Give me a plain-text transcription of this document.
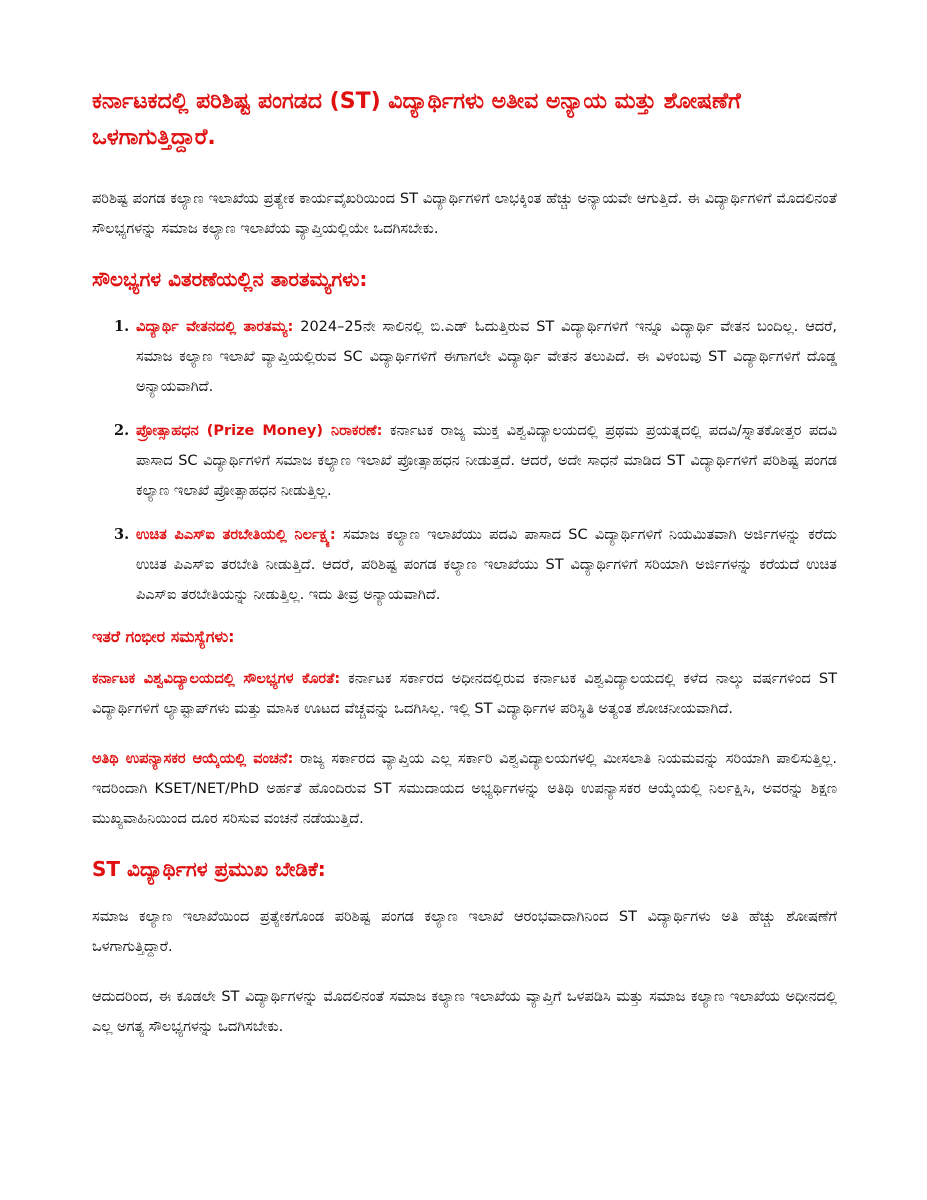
ಕರ್ನಾಟಕದಲ್ಲಿ ಪರಿಶಿಷ್ಟ ಪಂಗಡದ (ST) ವಿದ್ಯಾರ್ಥಿಗಳು ಅತೀವ ಅನ್ಯಾಯ ಮತ್ತು ಶೋಷಣೆಗೆ ಒಳಗಾಗುತ್ತಿದ್ದಾರೆ.

ಪರಿಶಿಷ್ಟ ಪಂಗಡ ಕಲ್ಯಾಣ ಇಲಾಖೆಯ ಪ್ರತ್ಯೇಕ ಕಾರ್ಯವೈಖರಿಯಿಂದ ST ವಿದ್ಯಾರ್ಥಿಗಳಿಗೆ ಲಾಭಕ್ಕಿಂತ ಹೆಚ್ಚು ಅನ್ಯಾಯವೇ ಆಗುತ್ತಿದೆ. ಈ ವಿದ್ಯಾರ್ಥಿಗಳಿಗೆ ಮೊದಲಿನಂತೆ ಸೌಲಭ್ಯಗಳನ್ನು ಸಮಾಜ ಕಲ್ಯಾಣ ಇಲಾಖೆಯ ವ್ಯಾಪ್ತಿಯಲ್ಲಿಯೇ ಒದಗಿಸಬೇಕು.

ಸೌಲಭ್ಯಗಳ ವಿತರಣೆಯಲ್ಲಿನ ತಾರತಮ್ಯಗಳು:
1. ವಿದ್ಯಾರ್ಥಿ ವೇತನದಲ್ಲಿ ತಾರತಮ್ಯ: 2024–25ನೇ ಸಾಲಿನಲ್ಲಿ ಬಿ.ಎಡ್ ಓದುತ್ತಿರುವ ST ವಿದ್ಯಾರ್ಥಿಗಳಿಗೆ ಇನ್ನೂ ವಿದ್ಯಾರ್ಥಿ ವೇತನ ಬಂದಿಲ್ಲ. ಆದರೆ, ಸಮಾಜ ಕಲ್ಯಾಣ ಇಲಾಖೆ ವ್ಯಾಪ್ತಿಯಲ್ಲಿರುವ SC ವಿದ್ಯಾರ್ಥಿಗಳಿಗೆ ಈಗಾಗಲೇ ವಿದ್ಯಾರ್ಥಿ ವೇತನ ತಲುಪಿದೆ. ಈ ವಿಳಂಬವು ST ವಿದ್ಯಾರ್ಥಿಗಳಿಗೆ ದೊಡ್ಡ ಅನ್ಯಾಯವಾಗಿದೆ.
2. ಪ್ರೋತ್ಸಾಹಧನ (Prize Money) ನಿರಾಕರಣೆ: ಕರ್ನಾಟಕ ರಾಜ್ಯ ಮುಕ್ತ ವಿಶ್ವವಿದ್ಯಾಲಯದಲ್ಲಿ ಪ್ರಥಮ ಪ್ರಯತ್ನದಲ್ಲಿ ಪದವಿ/ಸ್ನಾತಕೋತ್ತರ ಪದವಿ ಪಾಸಾದ SC ವಿದ್ಯಾರ್ಥಿಗಳಿಗೆ ಸಮಾಜ ಕಲ್ಯಾಣ ಇಲಾಖೆ ಪ್ರೋತ್ಸಾಹಧನ ನೀಡುತ್ತದೆ. ಆದರೆ, ಅದೇ ಸಾಧನೆ ಮಾಡಿದ ST ವಿದ್ಯಾರ್ಥಿಗಳಿಗೆ ಪರಿಶಿಷ್ಟ ಪಂಗಡ ಕಲ್ಯಾಣ ಇಲಾಖೆ ಪ್ರೋತ್ಸಾಹಧನ ನೀಡುತ್ತಿಲ್ಲ.
3. ಉಚಿತ ಪಿಎಸ್ಐ ತರಬೇತಿಯಲ್ಲಿ ನಿರ್ಲಕ್ಷ್ಯ: ಸಮಾಜ ಕಲ್ಯಾಣ ಇಲಾಖೆಯು ಪದವಿ ಪಾಸಾದ SC ವಿದ್ಯಾರ್ಥಿಗಳಿಗೆ ನಿಯಮಿತವಾಗಿ ಅರ್ಜಿಗಳನ್ನು ಕರೆದು ಉಚಿತ ಪಿಎಸ್ಐ ತರಬೇತಿ ನೀಡುತ್ತಿದೆ. ಆದರೆ, ಪರಿಶಿಷ್ಟ ಪಂಗಡ ಕಲ್ಯಾಣ ಇಲಾಖೆಯು ST ವಿದ್ಯಾರ್ಥಿಗಳಿಗೆ ಸರಿಯಾಗಿ ಅರ್ಜಿಗಳನ್ನು ಕರೆಯದೆ ಉಚಿತ ಪಿಎಸ್ಐ ತರಬೇತಿಯನ್ನು ನೀಡುತ್ತಿಲ್ಲ. ಇದು ತೀವ್ರ ಅನ್ಯಾಯವಾಗಿದೆ.
ಇತರೆ ಗಂಭೀರ ಸಮಸ್ಯೆಗಳು:

ಕರ್ನಾಟಕ ವಿಶ್ವವಿದ್ಯಾಲಯದಲ್ಲಿ ಸೌಲಭ್ಯಗಳ ಕೊರತೆ: ಕರ್ನಾಟಕ ಸರ್ಕಾರದ ಅಧೀನದಲ್ಲಿರುವ ಕರ್ನಾಟಕ ವಿಶ್ವವಿದ್ಯಾಲಯದಲ್ಲಿ ಕಳೆದ ನಾಲ್ಕು ವರ್ಷಗಳಿಂದ ST ವಿದ್ಯಾರ್ಥಿಗಳಿಗೆ ಲ್ಯಾಪ್ಟಾಪ್‌ಗಳು ಮತ್ತು ಮಾಸಿಕ ಊಟದ ವೆಚ್ಚವನ್ನು ಒದಗಿಸಿಲ್ಲ. ಇಲ್ಲಿ ST ವಿದ್ಯಾರ್ಥಿಗಳ ಪರಿಸ್ಥಿತಿ ಅತ್ಯಂತ ಶೋಚನೀಯವಾಗಿದೆ.

ಅತಿಥಿ ಉಪನ್ಯಾಸಕರ ಆಯ್ಕೆಯಲ್ಲಿ ವಂಚನೆ: ರಾಜ್ಯ ಸರ್ಕಾರದ ವ್ಯಾಪ್ತಿಯ ಎಲ್ಲ ಸರ್ಕಾರಿ ವಿಶ್ವವಿದ್ಯಾಲಯಗಳಲ್ಲಿ ಮೀಸಲಾತಿ ನಿಯಮವನ್ನು ಸರಿಯಾಗಿ ಪಾಲಿಸುತ್ತಿಲ್ಲ. ಇದರಿಂದಾಗಿ KSET/NET/PhD ಅರ್ಹತೆ ಹೊಂದಿರುವ ST ಸಮುದಾಯದ ಅಭ್ಯರ್ಥಿಗಳನ್ನು ಅತಿಥಿ ಉಪನ್ಯಾಸಕರ ಆಯ್ಕೆಯಲ್ಲಿ ನಿರ್ಲಕ್ಷಿಸಿ, ಅವರನ್ನು ಶಿಕ್ಷಣ ಮುಖ್ಯವಾಹಿನಿಯಿಂದ ದೂರ ಸರಿಸುವ ವಂಚನೆ ನಡೆಯುತ್ತಿದೆ.

ST ವಿದ್ಯಾರ್ಥಿಗಳ ಪ್ರಮುಖ ಬೇಡಿಕೆ:

ಸಮಾಜ ಕಲ್ಯಾಣ ಇಲಾಖೆಯಿಂದ ಪ್ರತ್ಯೇಕಗೊಂಡ ಪರಿಶಿಷ್ಟ ಪಂಗಡ ಕಲ್ಯಾಣ ಇಲಾಖೆ ಆರಂಭವಾದಾಗಿನಿಂದ ST ವಿದ್ಯಾರ್ಥಿಗಳು ಅತಿ ಹೆಚ್ಚು ಶೋಷಣೆಗೆ ಒಳಗಾಗುತ್ತಿದ್ದಾರೆ.

ಆದುದರಿಂದ, ಈ ಕೂಡಲೇ ST ವಿದ್ಯಾರ್ಥಿಗಳನ್ನು ಮೊದಲಿನಂತೆ ಸಮಾಜ ಕಲ್ಯಾಣ ಇಲಾಖೆಯ ವ್ಯಾಪ್ತಿಗೆ ಒಳಪಡಿಸಿ ಮತ್ತು ಸಮಾಜ ಕಲ್ಯಾಣ ಇಲಾಖೆಯ ಅಧೀನದಲ್ಲಿ ಎಲ್ಲ ಅಗತ್ಯ ಸೌಲಭ್ಯಗಳನ್ನು ಒದಗಿಸಬೇಕು.
